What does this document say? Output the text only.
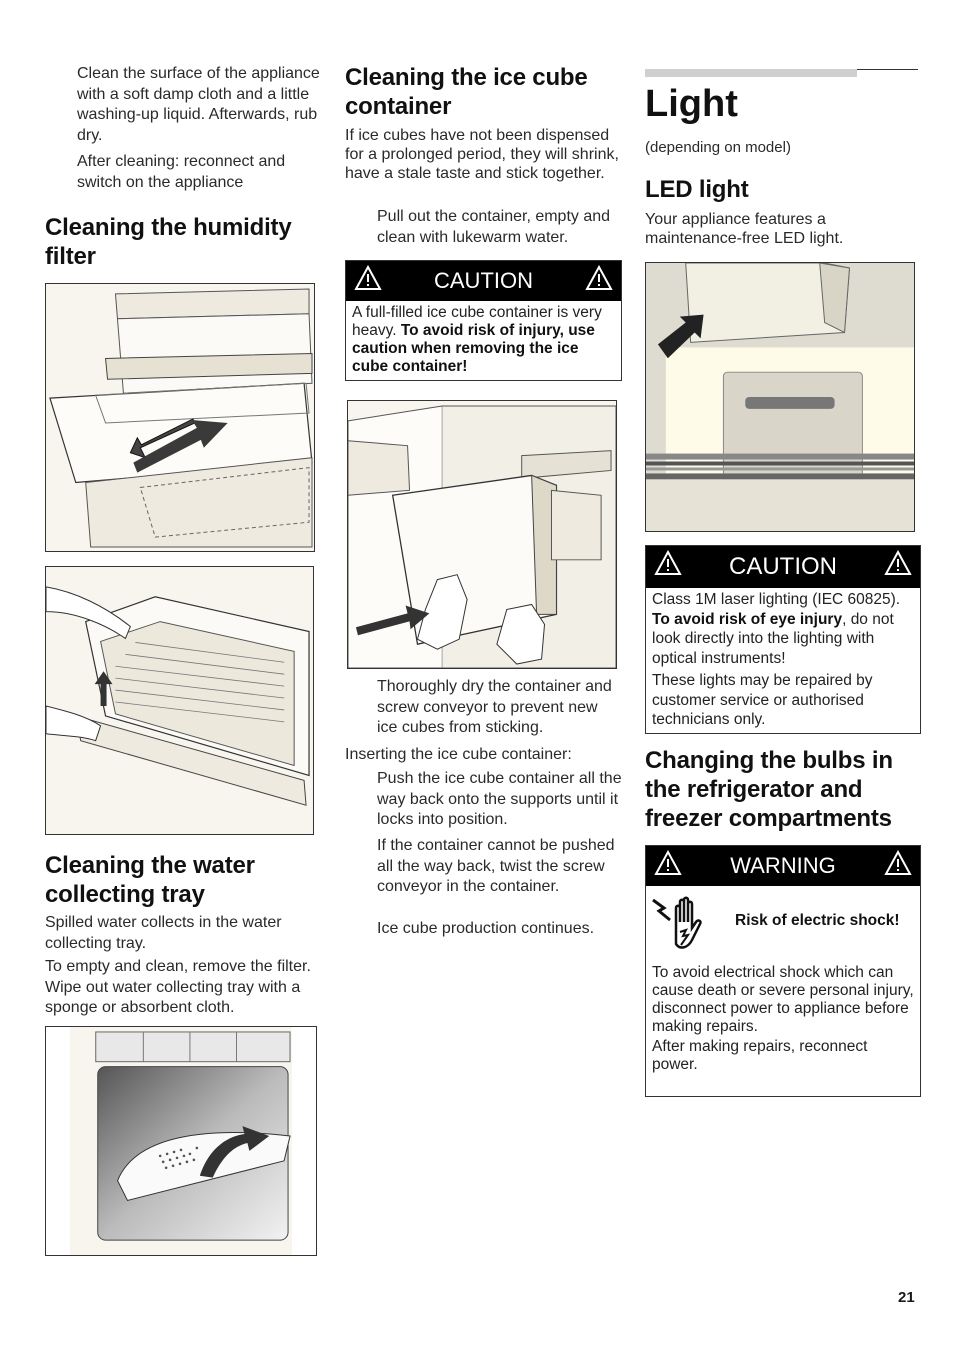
Clean the surface of the appliance with a soft damp cloth and a little washing-up liquid. Afterwards, rub dry.

After cleaning: reconnect and switch on the appliance

Cleaning the humidity filter
Cleaning the water collecting tray

Spilled water collects in the water collecting tray.

To empty and clean, remove the filter. Wipe out water collecting tray with a sponge or absorbent cloth.

Cleaning the ice cube container

If ice cubes have not been dispensed for a prolonged period, they will shrink, have a stale taste and stick together.

Pull out the container, empty and clean with lukewarm water.

CAUTION
A full-filled ice cube container is very heavy. To avoid risk of injury, use caution when removing the ice cube container!

Thoroughly dry the container and screw conveyor to prevent new ice cubes from sticking.

Inserting the ice cube container:

Push the ice cube container all the way back onto the supports until it locks into position.

If the container cannot be pushed all the way back, twist the screw conveyor in the container.

Ice cube production continues.

Light

(depending on model)

LED light

Your appliance features a maintenance-free LED light.

CAUTION

Class 1M laser lighting (IEC 60825). To avoid risk of eye injury, do not look directly into the lighting with optical instruments!

These lights may be repaired by customer service or authorised technicians only.

Changing the bulbs in the refrigerator and freezer compartments
WARNING

Risk of electric shock!

To avoid electrical shock which can cause death or severe personal injury, disconnect power to appliance before making repairs.

After making repairs, reconnect power.

21
